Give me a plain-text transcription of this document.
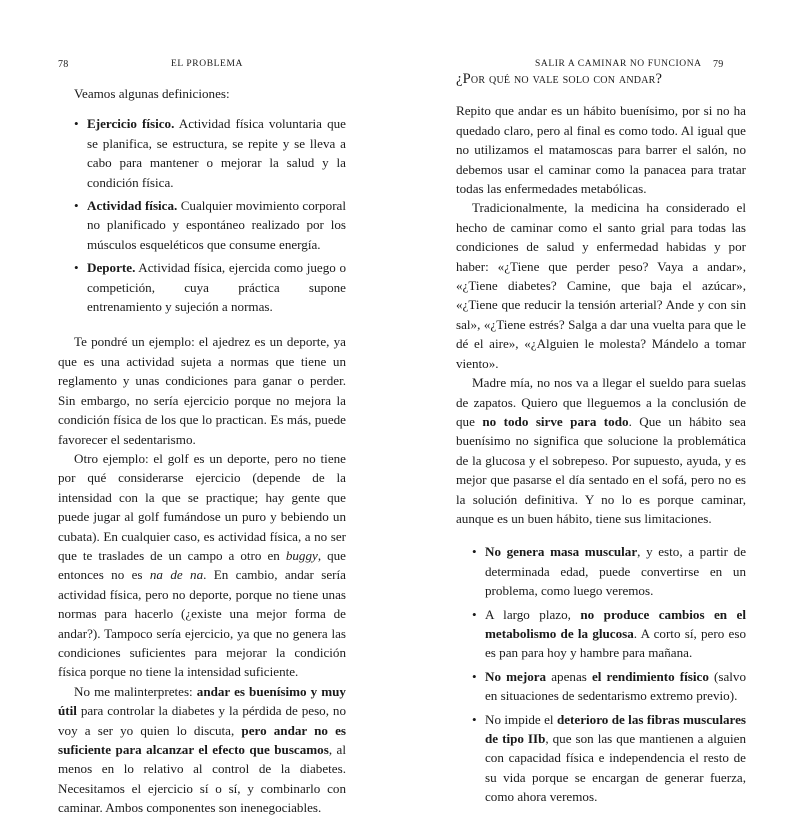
78	EL PROBLEMA

Veamos algunas definiciones:

• Ejercicio físico. Actividad física voluntaria que se planifica, se estructura, se repite y se lleva a cabo para mantener o mejorar la salud y la condición física.
• Actividad física. Cualquier movimiento corporal no planificado y espontáneo realizado por los músculos esqueléticos que consume energía.
• Deporte. Actividad física, ejercida como juego o competición, cuya práctica supone entrenamiento y sujeción a normas.

Te pondré un ejemplo: el ajedrez es un deporte, ya que es una actividad sujeta a normas que tiene un reglamento y unas condiciones para ganar o perder. Sin embargo, no sería ejercicio porque no mejora la condición física de los que lo practican. Es más, puede favorecer el sedentarismo.

Otro ejemplo: el golf es un deporte, pero no tiene por qué considerarse ejercicio (depende de la intensidad con la que se practique; hay gente que puede jugar al golf fumándose un puro y bebiendo un cubata). En cualquier caso, es actividad física, a no ser que te traslades de un campo a otro en buggy, que entonces no es na de na. En cambio, andar sería actividad física, pero no deporte, porque no tiene unas normas para hacerlo (¿existe una mejor forma de andar?). Tampoco sería ejercicio, ya que no genera las condiciones suficientes para mejorar la condición física porque no tiene la intensidad suficiente.

No me malinterpretes: andar es buenísimo y muy útil para controlar la diabetes y la pérdida de peso, no voy a ser yo quien lo discuta, pero andar no es suficiente para alcanzar el efecto que buscamos, al menos en lo relativo al control de la diabetes. Necesitamos el ejercicio sí o sí, y combinarlo con caminar. Ambos componentes son inenegociables.

SALIR A CAMINAR NO FUNCIONA 79

¿Por qué no vale solo con andar?

Repito que andar es un hábito buenísimo, por si no ha quedado claro, pero al final es como todo. Al igual que no utilizamos el matamoscas para barrer el salón, no debemos usar el caminar como la panacea para tratar todas las enfermedades metabólicas.

Tradicionalmente, la medicina ha considerado el hecho de caminar como el santo grial para todas las condiciones de salud y enfermedad habidas y por haber: «¿Tiene que perder peso? Vaya a andar», «¿Tiene diabetes? Camine, que baja el azúcar», «¿Tiene que reducir la tensión arterial? Ande y con sin sal», «¿Tiene estrés? Salga a dar una vuelta para que le dé el aire», «¿Alguien le molesta? Mándelo a tomar viento».

Madre mía, no nos va a llegar el sueldo para suelas de zapatos. Quiero que lleguemos a la conclusión de que no todo sirve para todo. Que un hábito sea buenísimo no significa que solucione la problemática de la glucosa y el sobrepeso. Por supuesto, ayuda, y es mejor que pasarse el día sentado en el sofá, pero no es la solución definitiva. Y no lo es porque caminar, aunque es un buen hábito, tiene sus limitaciones.

• No genera masa muscular, y esto, a partir de determinada edad, puede convertirse en un problema, como luego veremos.
• A largo plazo, no produce cambios en el metabolismo de la glucosa. A corto sí, pero eso es pan para hoy y hambre para mañana.
• No mejora apenas el rendimiento físico (salvo en situaciones de sedentarismo extremo previo).
• No impide el deterioro de las fibras musculares de tipo IIb, que son las que mantienen a alguien con capacidad física e independencia el resto de su vida porque se encargan de generar fuerza, como ahora veremos.
